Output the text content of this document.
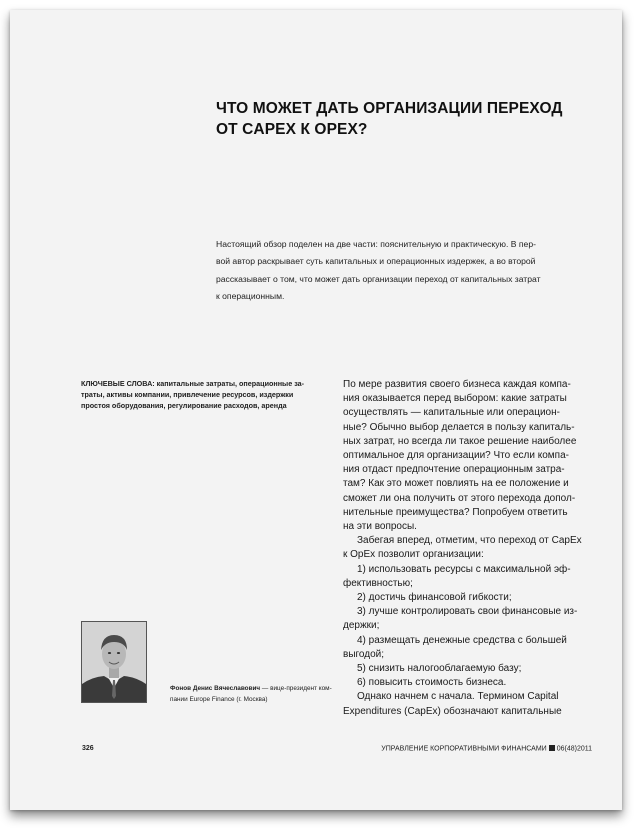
ЧТО МОЖЕТ ДАТЬ ОРГАНИЗАЦИИ ПЕРЕХОД
ОТ CAPEX К OPEX?
Настоящий обзор поделен на две части: пояснительную и практическую. В пер-
вой автор раскрывает суть капитальных и операционных издержек, а во второй
рассказывает о том, что может дать организации переход от капитальных затрат
к операционным.
КЛЮЧЕВЫЕ СЛОВА: капитальные затраты, операционные за-
траты, активы компании, привлечение ресурсов, издержки
простоя оборудования, регулирование расходов, аренда
По мере развития своего бизнеса каждая компа-
ния оказывается перед выбором: какие затраты
осуществлять — капитальные или операцион-
ные? Обычно выбор делается в пользу капиталь-
ных затрат, но всегда ли такое решение наиболее
оптимальное для организации? Что если компа-
ния отдаст предпочтение операционным затра-
там? Как это может повлиять на ее положение и
сможет ли она получить от этого перехода допол-
нительные преимущества? Попробуем ответить
на эти вопросы.
Забегая вперед, отметим, что переход от CapEx
к OpEx позволит организации:
1) использовать ресурсы с максимальной эф-
фективностью;
2) достичь финансовой гибкости;
3) лучше контролировать свои финансовые из-
держки;
4) размещать денежные средства с большей
выгодой;
5) снизить налогооблагаемую базу;
6) повысить стоимость бизнеса.
Однако начнем с начала. Термином Capital
Expenditures (CapEx) обозначают капитальные
Фонов Денис Вячеславович — вице-президент ком-
пании Europe Finance (г. Москва)
326	УПРАВЛЕНИЕ КОРПОРАТИВНЫМИ ФИНАНСАМИ 06(48)2011
